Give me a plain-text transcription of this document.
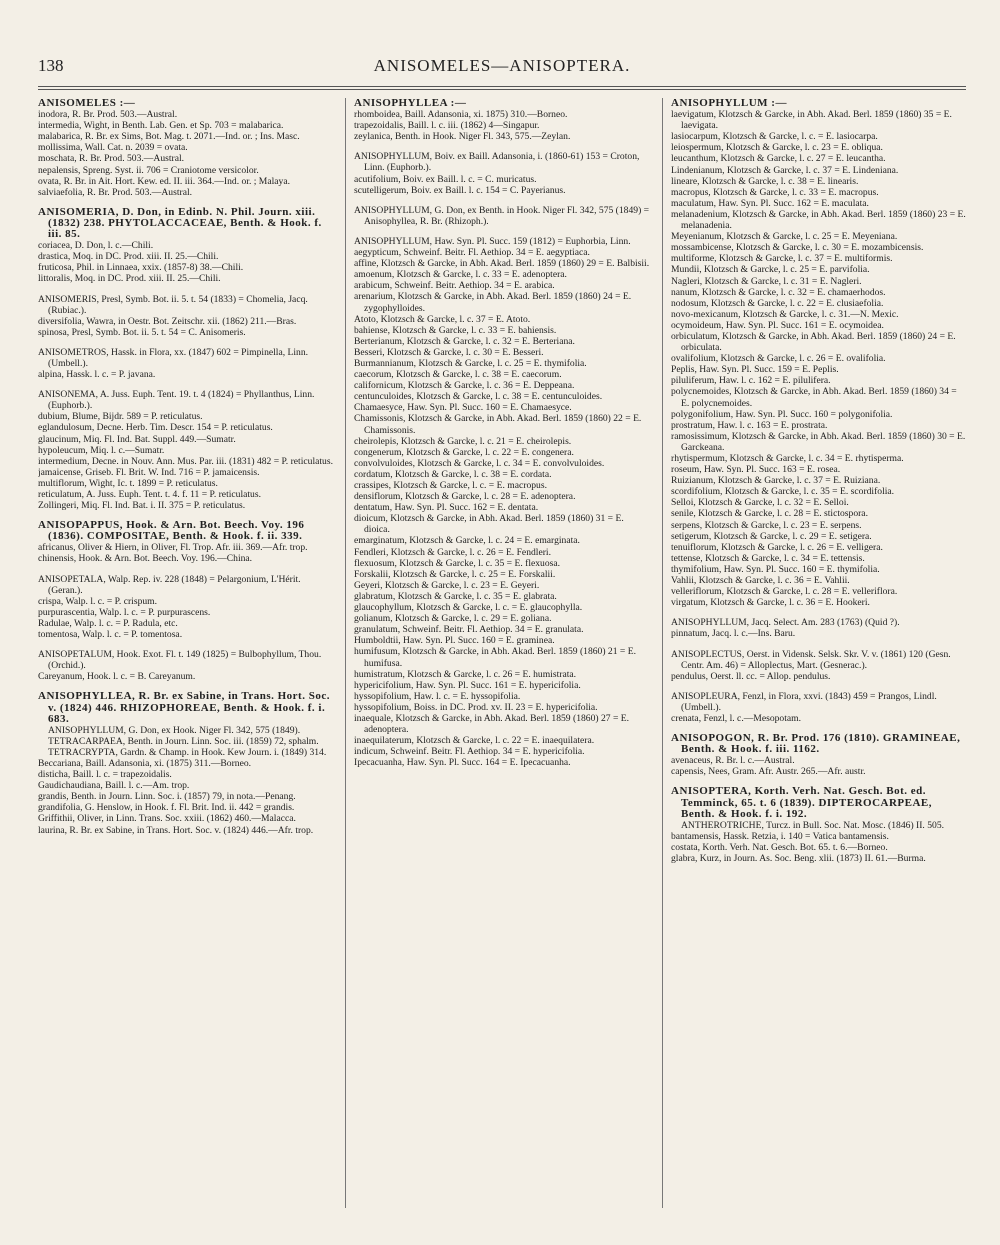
138	ANISOMELES—ANISOPTERA.

ANISOMELES :—

inodora, R. Br. Prod. 503.—Austral.

intermedia, Wight, in Benth. Lab. Gen. et Sp. 703 = malabarica.

malabarica, R. Br. ex Sims, Bot. Mag. t. 2071.—Ind. or. ; Ins. Masc.

mollissima, Wall. Cat. n. 2039 = ovata.

moschata, R. Br. Prod. 503.—Austral.

nepalensis, Spreng. Syst. ii. 706 = Craniotome versicolor.

ovata, R. Br. in Ait. Hort. Kew. ed. II. iii. 364.—Ind. or. ; Malaya.

salviaefolia, R. Br. Prod. 503.—Austral.

ANISOMERIA, D. Don, in Edinb. N. Phil. Journ. xiii. (1832) 238. PHYTOLACCACEAE, Benth. & Hook. f. iii. 85.

coriacea, D. Don, l. c.—Chili.

drastica, Moq. in DC. Prod. xiii. II. 25.—Chili.

fruticosa, Phil. in Linnaea, xxix. (1857-8) 38.—Chili.

littoralis, Moq. in DC. Prod. xiii. II. 25.—Chili.

ANISOMERIS, Presl, Symb. Bot. ii. 5. t. 54 (1833) = Chomelia, Jacq. (Rubiac.).

diversifolia, Wawra, in Oestr. Bot. Zeitschr. xii. (1862) 211.—Bras.

spinosa, Presl, Symb. Bot. ii. 5. t. 54 = C. Anisomeris.

ANISOMETROS, Hassk. in Flora, xx. (1847) 602 = Pimpinella, Linn. (Umbell.).

alpina, Hassk. l. c. = P. javana.

ANISONEMA, A. Juss. Euph. Tent. 19. t. 4 (1824) = Phyllanthus, Linn. (Euphorb.).

dubium, Blume, Bijdr. 589 = P. reticulatus.

eglandulosum, Decne. Herb. Tim. Descr. 154 = P. reticulatus.

glaucinum, Miq. Fl. Ind. Bat. Suppl. 449.—Sumatr.

hypoleucum, Miq. l. c.—Sumatr.

intermedium, Decne. in Nouv. Ann. Mus. Par. iii. (1831) 482 = P. reticulatus.

jamaicense, Griseb. Fl. Brit. W. Ind. 716 = P. jamaicensis.

multiflorum, Wight, Ic. t. 1899 = P. reticulatus.

reticulatum, A. Juss. Euph. Tent. t. 4. f. 11 = P. reticulatus.

Zollingeri, Miq. Fl. Ind. Bat. i. II. 375 = P. reticulatus.

ANISOPAPPUS, Hook. & Arn. Bot. Beech. Voy. 196 (1836). COMPOSITAE, Benth. & Hook. f. ii. 339.

africanus, Oliver & Hiern, in Oliver, Fl. Trop. Afr. iii. 369.—Afr. trop.

chinensis, Hook. & Arn. Bot. Beech. Voy. 196.—China.

ANISOPETALA, Walp. Rep. iv. 228 (1848) = Pelargonium, L'Hérit. (Geran.).

crispa, Walp. l. c. = P. crispum.

purpurascentia, Walp. l. c. = P. purpurascens.

Radulae, Walp. l. c. = P. Radula, etc.

tomentosa, Walp. l. c. = P. tomentosa.

ANISOPETALUM, Hook. Exot. Fl. t. 149 (1825) = Bulbophyllum, Thou. (Orchid.).

Careyanum, Hook. l. c. = B. Careyanum.

ANISOPHYLLEA, R. Br. ex Sabine, in Trans. Hort. Soc. v. (1824) 446. RHIZOPHOREAE, Benth. & Hook. f. i. 683.

ANISOPHYLLUM, G. Don, ex Hook. Niger Fl. 342, 575 (1849).

TETRACARPAEA, Benth. in Journ. Linn. Soc. iii. (1859) 72, sphalm.

TETRACRYPTA, Gardn. & Champ. in Hook. Kew Journ. i. (1849) 314.

Beccariana, Baill. Adansonia, xi. (1875) 311.—Borneo.

disticha, Baill. l. c. = trapezoidalis.

Gaudichaudiana, Baill. l. c.—Am. trop.

grandis, Benth. in Journ. Linn. Soc. i. (1857) 79, in nota.—Penang.

grandifolia, G. Henslow, in Hook. f. Fl. Brit. Ind. ii. 442 = grandis.

Griffithii, Oliver, in Linn. Trans. Soc. xxiii. (1862) 460.—Malacca.

laurina, R. Br. ex Sabine, in Trans. Hort. Soc. v. (1824) 446.—Afr. trop.

ANISOPHYLLEA :—

rhomboidea, Baill. Adansonia, xi. 1875) 310.—Borneo.

trapezoidalis, Baill. l. c. iii. (1862) 4—Singapur.

zeylanica, Benth. in Hook. Niger Fl. 343, 575.—Zeylan.

ANISOPHYLLUM, Boiv. ex Baill. Adansonia, i. (1860-61) 153 = Croton, Linn. (Euphorb.).

acutifolium, Boiv. ex Baill. l. c. = C. muricatus.

scutelligerum, Boiv. ex Baill. l. c. 154 = C. Payerianus.

ANISOPHYLLUM, G. Don, ex Benth. in Hook. Niger Fl. 342, 575 (1849) = Anisophyllea, R. Br. (Rhizoph.).

ANISOPHYLLUM, Haw. Syn. Pl. Succ. 159 (1812) = Euphorbia, Linn.

aegypticum, Schweinf. Beitr. Fl. Aethiop. 34 = E. aegyptiaca.

affine, Klotzsch & Garcke, in Abh. Akad. Berl. 1859 (1860) 29 = E. Balbisii.

amoenum, Klotzsch & Garcke, l. c. 33 = E. adenoptera.

arabicum, Schweinf. Beitr. Aethiop. 34 = E. arabica.

arenarium, Klotzsch & Garcke, in Abh. Akad. Berl. 1859 (1860) 24 = E. zygophylloides.

Atoto, Klotzsch & Garcke, l. c. 37 = E. Atoto.

bahiense, Klotzsch & Garcke, l. c. 33 = E. bahiensis.

Berterianum, Klotzsch & Garcke, l. c. 32 = E. Berteriana.

Besseri, Klotzsch & Garcke, l. c. 30 = E. Besseri.

Burmannianum, Klotzsch & Garcke, l. c. 25 = E. thymifolia.

caecorum, Klotzsch & Garcke, l. c. 38 = E. caecorum.

californicum, Klotzsch & Garcke, l. c. 36 = E. Deppeana.

centunculoides, Klotzsch & Garcke, l. c. 38 = E. centunculoides.

Chamaesyce, Haw. Syn. Pl. Succ. 160 = E. Chamaesyce.

Chamissonis, Klotzsch & Garcke, in Abh. Akad. Berl. 1859 (1860) 22 = E. Chamissonis.

cheirolepis, Klotzsch & Garcke, l. c. 21 = E. cheirolepis.

congenerum, Klotzsch & Garcke, l. c. 22 = E. congenera.

convolvuloides, Klotzsch & Garcke, l. c. 34 = E. convolvuloides.

cordatum, Klotzsch & Garcke, l. c. 38 = E. cordata.

crassipes, Klotzsch & Garcke, l. c. = E. macropus.

densiflorum, Klotzsch & Garcke, l. c. 28 = E. adenoptera.

dentatum, Haw. Syn. Pl. Succ. 162 = E. dentata.

dioicum, Klotzsch & Garcke, in Abh. Akad. Berl. 1859 (1860) 31 = E. dioica.

emarginatum, Klotzsch & Garcke, l. c. 24 = E. emarginata.

Fendleri, Klotzsch & Garcke, l. c. 26 = E. Fendleri.

flexuosum, Klotzsch & Garcke, l. c. 35 = E. flexuosa.

Forskalii, Klotzsch & Garcke, l. c. 25 = E. Forskalii.

Geyeri, Klotzsch & Garcke, l. c. 23 = E. Geyeri.

glabratum, Klotzsch & Garcke, l. c. 35 = E. glabrata.

glaucophyllum, Klotzsch & Garcke, l. c. = E. glaucophylla.

golianum, Klotzsch & Garcke, l. c. 29 = E. goliana.

granulatum, Schweinf. Beitr. Fl. Aethiop. 34 = E. granulata.

Humboldtii, Haw. Syn. Pl. Succ. 160 = E. graminea.

humifusum, Klotzsch & Garcke, in Abh. Akad. Berl. 1859 (1860) 21 = E. humifusa.

humistratum, Klotzsch & Garcke, l. c. 26 = E. humistrata.

hypericifolium, Haw. Syn. Pl. Succ. 161 = E. hypericifolia.

hyssopifolium, Haw. l. c. = E. hyssopifolia.

hyssopifolium, Boiss. in DC. Prod. xv. II. 23 = E. hypericifolia.

inaequale, Klotzsch & Garcke, in Abh. Akad. Berl. 1859 (1860) 27 = E. adenoptera.

inaequilaterum, Klotzsch & Garcke, l. c. 22 = E. inaequilatera.

indicum, Schweinf. Beitr. Fl. Aethiop. 34 = E. hypericifolia.

Ipecacuanha, Haw. Syn. Pl. Succ. 164 = E. Ipecacuanha.

ANISOPHYLLUM :—

laevigatum, Klotzsch & Garcke, in Abh. Akad. Berl. 1859 (1860) 35 = E. laevigata.

lasiocarpum, Klotzsch & Garcke, l. c. = E. lasiocarpa.

leiospermum, Klotzsch & Garcke, l. c. 23 = E. obliqua.

leucanthum, Klotzsch & Garcke, l. c. 27 = E. leucantha.

Lindenianum, Klotzsch & Garcke, l. c. 37 = E. Lindeniana.

lineare, Klotzsch & Garcke, l. c. 38 = E. linearis.

macropus, Klotzsch & Garcke, l. c. 33 = E. macropus.

maculatum, Haw. Syn. Pl. Succ. 162 = E. maculata.

melanadenium, Klotzsch & Garcke, in Abh. Akad. Berl. 1859 (1860) 23 = E. melanadenia.

Meyenianum, Klotzsch & Garcke, l. c. 25 = E. Meyeniana.

mossambicense, Klotzsch & Garcke, l. c. 30 = E. mozambicensis.

multiforme, Klotzsch & Garcke, l. c. 37 = E. multiformis.

Mundii, Klotzsch & Garcke, l. c. 25 = E. parvifolia.

Nagleri, Klotzsch & Garcke, l. c. 31 = E. Nagleri.

nanum, Klotzsch & Garcke, l. c. 32 = E. chamaerhodos.

nodosum, Klotzsch & Garcke, l. c. 22 = E. clusiaefolia.

novo-mexicanum, Klotzsch & Garcke, l. c. 31.—N. Mexic.

ocymoideum, Haw. Syn. Pl. Succ. 161 = E. ocymoidea.

orbiculatum, Klotzsch & Garcke, in Abh. Akad. Berl. 1859 (1860) 24 = E. orbiculata.

ovalifolium, Klotzsch & Garcke, l. c. 26 = E. ovalifolia.

Peplis, Haw. Syn. Pl. Succ. 159 = E. Peplis.

piluliferum, Haw. l. c. 162 = E. pilulifera.

polycnemoides, Klotzsch & Garcke, in Abh. Akad. Berl. 1859 (1860) 34 = E. polycnemoides.

polygonifolium, Haw. Syn. Pl. Succ. 160 = polygonifolia.

prostratum, Haw. l. c. 163 = E. prostrata.

ramosissimum, Klotzsch & Garcke, in Abh. Akad. Berl. 1859 (1860) 30 = E. Garckeana.

rhytispermum, Klotzsch & Garcke, l. c. 34 = E. rhytisperma.

roseum, Haw. Syn. Pl. Succ. 163 = E. rosea.

Ruizianum, Klotzsch & Garcke, l. c. 37 = E. Ruiziana.

scordifolium, Klotzsch & Garcke, l. c. 35 = E. scordifolia.

Selloi, Klotzsch & Garcke, l. c. 32 = E. Selloi.

senile, Klotzsch & Garcke, l. c. 28 = E. stictospora.

serpens, Klotzsch & Garcke, l. c. 23 = E. serpens.

setigerum, Klotzsch & Garcke, l. c. 29 = E. setigera.

tenuiflorum, Klotzsch & Garcke, l. c. 26 = E. velligera.

tettense, Klotzsch & Garcke, l. c. 34 = E. tettensis.

thymifolium, Haw. Syn. Pl. Succ. 160 = E. thymifolia.

Vahlii, Klotzsch & Garcke, l. c. 36 = E. Vahlii.

velleriflorum, Klotzsch & Garcke, l. c. 28 = E. velleriflora.

virgatum, Klotzsch & Garcke, l. c. 36 = E. Hookeri.

ANISOPHYLLUM, Jacq. Select. Am. 283 (1763) (Quid ?).

pinnatum, Jacq. l. c.—Ins. Baru.

ANISOPLECTUS, Oerst. in Vidensk. Selsk. Skr. V. v. (1861) 120 (Gesn. Centr. Am. 46) = Alloplectus, Mart. (Gesnerac.).

pendulus, Oerst. ll. cc. = Allop. pendulus.

ANISOPLEURA, Fenzl, in Flora, xxvi. (1843) 459 = Prangos, Lindl. (Umbell.).

crenata, Fenzl, l. c.—Mesopotam.

ANISOPOGON, R. Br. Prod. 176 (1810). GRAMINEAE, Benth. & Hook. f. iii. 1162.

avenaceus, R. Br. l. c.—Austral.

capensis, Nees, Gram. Afr. Austr. 265.—Afr. austr.

ANISOPTERA, Korth. Verh. Nat. Gesch. Bot. ed. Temminck, 65. t. 6 (1839). DIPTEROCARPEAE, Benth. & Hook. f. i. 192.

ANTHEROTRICHE, Turcz. in Bull. Soc. Nat. Mosc. (1846) II. 505.

bantamensis, Hassk. Retzia, i. 140 = Vatica bantamensis.

costata, Korth. Verh. Nat. Gesch. Bot. 65. t. 6.—Borneo.

glabra, Kurz, in Journ. As. Soc. Beng. xlii. (1873) II. 61.—Burma.
